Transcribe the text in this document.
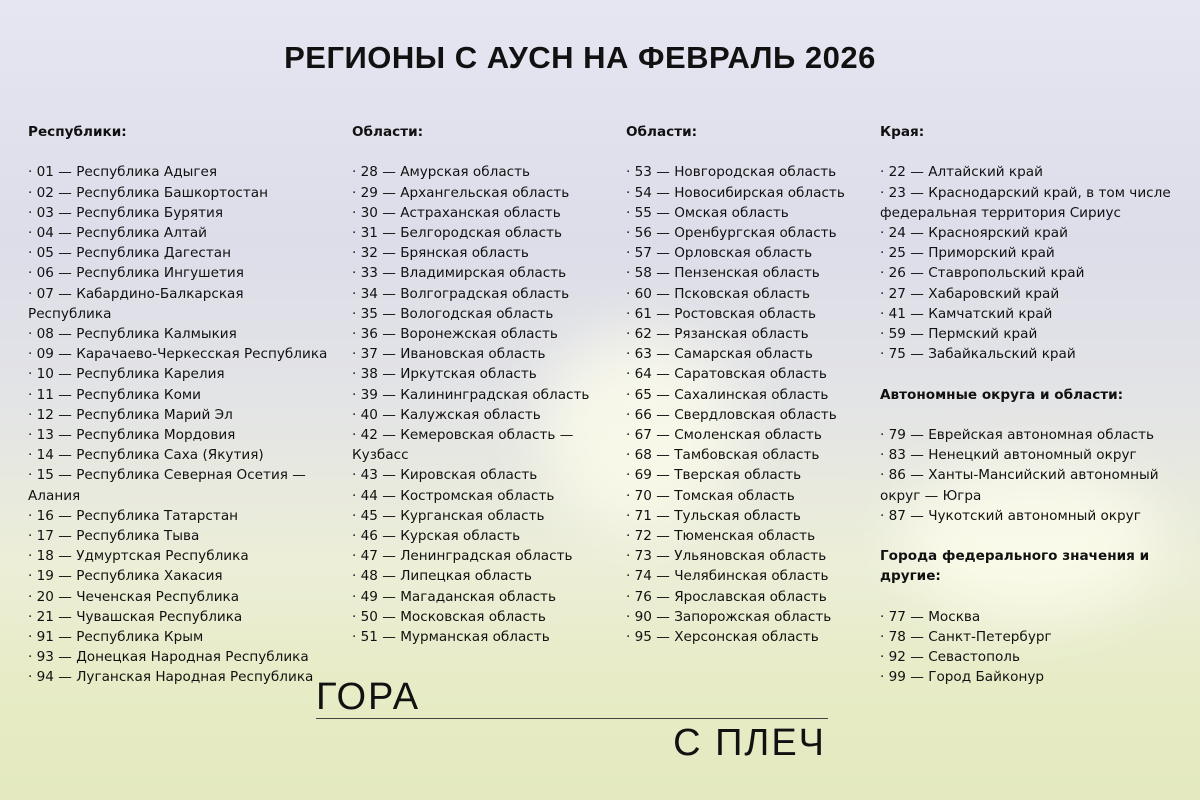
РЕГИОНЫ С АУСН НА ФЕВРАЛЬ 2026
Республики:
· 01 — Республика Адыгея
· 02 — Республика Башкортостан
· 03 — Республика Бурятия
· 04 — Республика Алтай
· 05 — Республика Дагестан
· 06 — Республика Ингушетия
· 07 — Кабардино-Балкарская Республика
· 08 — Республика Калмыкия
· 09 — Карачаево-Черкесская Республика
· 10 — Республика Карелия
· 11 — Республика Коми
· 12 — Республика Марий Эл
· 13 — Республика Мордовия
· 14 — Республика Саха (Якутия)
· 15 — Республика Северная Осетия — Алания
· 16 — Республика Татарстан
· 17 — Республика Тыва
· 18 — Удмуртская Республика
· 19 — Республика Хакасия
· 20 — Чеченская Республика
· 21 — Чувашская Республика
· 91 — Республика Крым
· 93 — Донецкая Народная Республика
· 94 — Луганская Народная Республика
Области:
· 28 — Амурская область
· 29 — Архангельская область
· 30 — Астраханская область
· 31 — Белгородская область
· 32 — Брянская область
· 33 — Владимирская область
· 34 — Волгоградская область
· 35 — Вологодская область
· 36 — Воронежская область
· 37 — Ивановская область
· 38 — Иркутская область
· 39 — Калининградская область
· 40 — Калужская область
· 42 — Кемеровская область — Кузбасс
· 43 — Кировская область
· 44 — Костромская область
· 45 — Курганская область
· 46 — Курская область
· 47 — Ленинградская область
· 48 — Липецкая область
· 49 — Магаданская область
· 50 — Московская область
· 51 — Мурманская область
Области:
· 53 — Новгородская область
· 54 — Новосибирская область
· 55 — Омская область
· 56 — Оренбургская область
· 57 — Орловская область
· 58 — Пензенская область
· 60 — Псковская область
· 61 — Ростовская область
· 62 — Рязанская область
· 63 — Самарская область
· 64 — Саратовская область
· 65 — Сахалинская область
· 66 — Свердловская область
· 67 — Смоленская область
· 68 — Тамбовская область
· 69 — Тверская область
· 70 — Томская область
· 71 — Тульская область
· 72 — Тюменская область
· 73 — Ульяновская область
· 74 — Челябинская область
· 76 — Ярославская область
· 90 — Запорожская область
· 95 — Херсонская область
Края:
· 22 — Алтайский край
· 23 — Краснодарский край, в том числе федеральная территория Сириус
· 24 — Красноярский край
· 25 — Приморский край
· 26 — Ставропольский край
· 27 — Хабаровский край
· 41 — Камчатский край
· 59 — Пермский край
· 75 — Забайкальский край
Автономные округа и области:
· 79 — Еврейская автономная область
· 83 — Ненецкий автономный округ
· 86 — Ханты-Мансийский автономный округ — Югра
· 87 — Чукотский автономный округ
Города федерального значения и другие:
· 77 — Москва
· 78 — Санкт-Петербург
· 92 — Севастополь
· 99 — Город Байконур
ГОРА
С ПЛЕЧ
